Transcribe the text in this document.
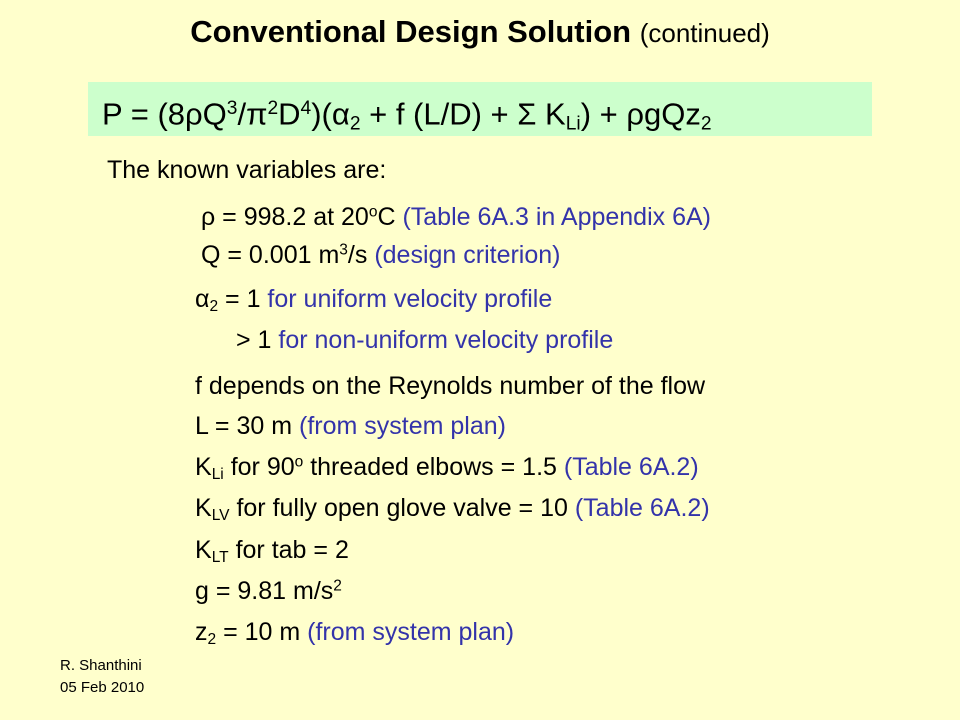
Conventional Design Solution (continued)
$P = (8\rho Q^3/\pi^2D^4)(\alpha_2 + f$ (L/D) + Σ $K_{Li}) + \rho gQz_2$
The known variables are:
ρ = 998.2 at 20$^o$C (Table 6A.3 in Appendix 6A)
Q = 0.001 $m^3/s$ (design criterion)
$\alpha_2 = 1$ for uniform velocity profile
> 1 for non-uniform velocity profile
f depends on the Reynolds number of the flow
L = 30 m (from system plan)
$K_{Li}$ for 90$^o$ threaded elbows = 1.5 (Table 6A.2)
$K_{LV}$ for fully open glove valve = 10 (Table 6A.2)
$K_{LT}$ for tab = 2
g = 9.81 $m/s^2$
$z_2 = 10$ m (from system plan)
R. Shanthini
05 Feb 2010
